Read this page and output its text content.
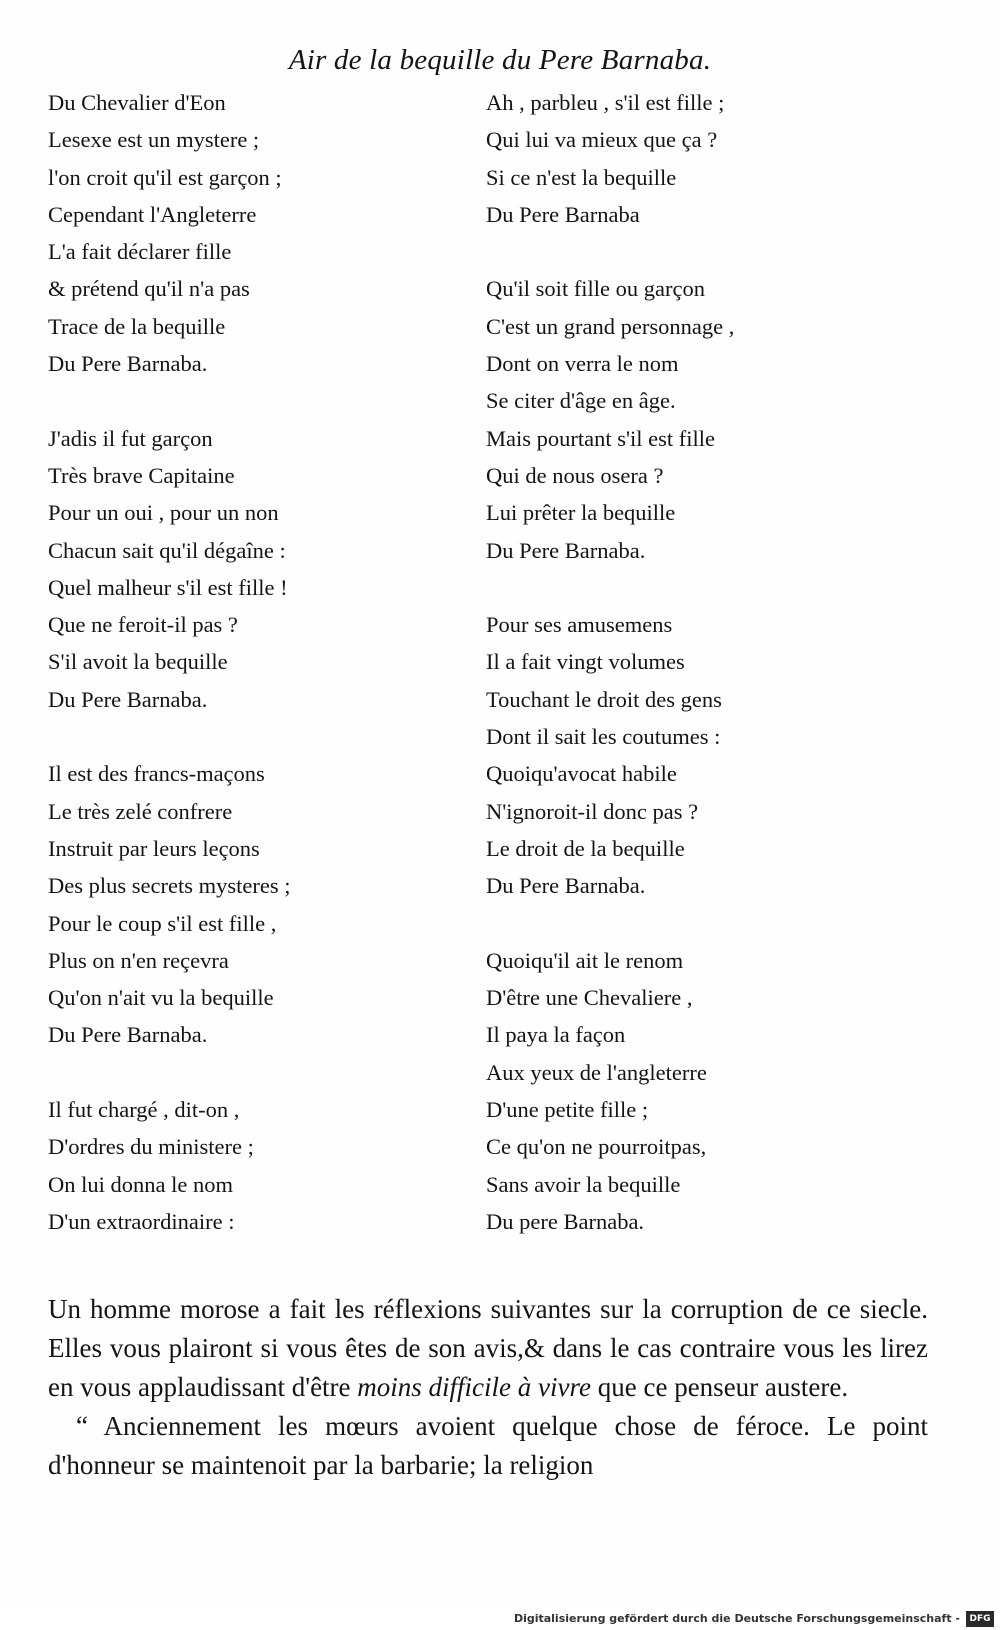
Air de la bequille du Pere Barnaba.
Du Chevalier d'Eon
Lesexe est un mystere ;
l'on croit qu'il est garçon ;
Cependant l'Angleterre
L'a fait déclarer fille
& prétend qu'il n'a pas
Trace de la bequille
Du Pere Barnaba.
J'adis il fut garçon
Très brave Capitaine
Pour un oui , pour un non
Chacun sait qu'il dégaîne :
Quel malheur s'il est fille !
Que ne feroit-il pas ?
S'il avoit la bequille
Du Pere Barnaba.
Il est des francs-maçons
Le très zelé confrere
Instruit par leurs leçons
Des plus secrets mysteres ;
Pour le coup s'il est fille ,
Plus on n'en reçevra
Qu'on n'ait vu la bequille
Du Pere Barnaba.
Il fut chargé , dit-on ,
D'ordres du ministere ;
On lui donna le nom
D'un extraordinaire :
Ah , parbleu , s'il est fille ;
Qui lui va mieux que ça ?
Si ce n'est la bequille
Du Pere Barnaba
Qu'il soit fille ou garçon
C'est un grand personnage ,
Dont on verra le nom
Se citer d'âge en âge.
Mais pourtant s'il est fille
Qui de nous osera ?
Lui prêter la bequille
Du Pere Barnaba.
Pour ses amusemens
Il a fait vingt volumes
Touchant le droit des gens
Dont il sait les coutumes :
Quoiqu'avocat habile
N'ignoroit-il donc pas ?
Le droit de la bequille
Du Pere Barnaba.
Quoiqu'il ait le renom
D'être une Chevaliere ,
Il paya la façon
Aux yeux de l'angleterre
D'une petite fille ;
Ce qu'on ne pourroitpas,
Sans avoir la bequille
Du pere Barnaba.

Un homme morose a fait les réflexions suivantes sur la corruption de ce siecle. Elles vous plairont si vous êtes de son avis,& dans le cas contraire vous les lirez en vous applaudissant d'être moins difficile à vivre que ce penseur austere.

“ Anciennement les mœurs avoient quelque chose de féroce. Le point d'honneur se maintenoit par la barbarie; la religion

Digitalisierung gefördert durch die Deutsche Forschungsgemeinschaft -	DFG
